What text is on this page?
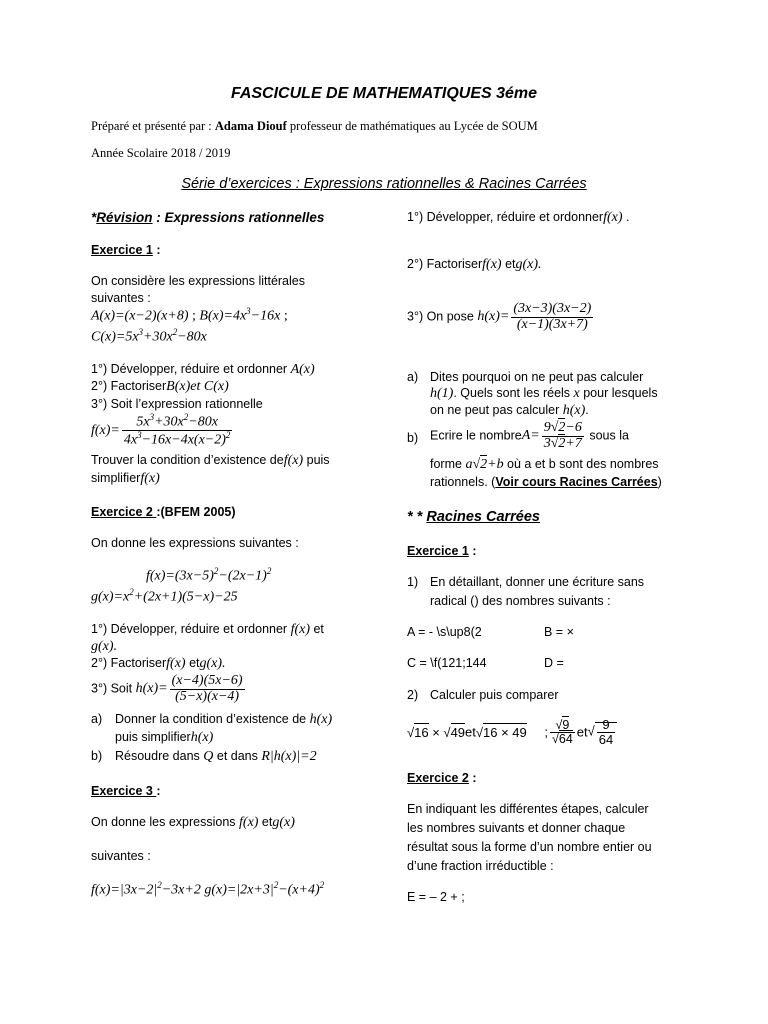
FASCICULE DE MATHEMATIQUES 3éme
Préparé et présenté par : Adama Diouf professeur de mathématiques au Lycée de SOUM
Année Scolaire 2018 / 2019
Série d’exercices : Expressions rationnelles & Racines Carrées
*Révision : Expressions rationnelles
Exercice 1 :
On considère les expressions littérales
suivantes :
A(x)=(x−2)(x+8) ; $B(x)=4x^3-16x$ ;
$C(x)=5x^3+30x^2-80x$
1°) Développer, réduire et ordonner A(x)
2°) FactoriserB(x)et C(x)
3°) Soit l’expression rationnelle
$f(x)= \frac{5x^3+30x^2-80x}{4x^3-16x-4x(x-2)^2}$
Trouver la condition d’existence def(x) puis
simplifierf(x)
Exercice 2 :(BFEM 2005)
On donne les expressions suivantes :
$f(x)=(3x-5)^2-(2x-1)^2$
$g(x)=x^2+(2x+1)(5-x)-25$
1°) Développer, réduire et ordonner f(x) et
g(x).
2°) Factoriserf(x) etg(x).
3°) Soit $h(x)= \frac{(x-4)(5x-6)}{(5-x)(x-4)}$
a) Donner la condition d’existence de h(x)
puis simplifierh(x)
b) Résoudre dans Q et dans R|h(x)|=2
Exercice 3 :
On donne les expressions f(x) etg(x)
suivantes :
$f(x)=|3x-2|^2-3x+2$ $g(x)=|2x+3|^2-(x+4)^2$
1°) Développer, réduire et ordonnerf(x) .
2°) Factoriserf(x) etg(x).
3°) On pose $h(x)= \frac{(3x-3)(3x-2)}{(x-1)(3x+7)}$
a) Dites pourquoi on ne peut pas calculer
h(1). Quels sont les réels x pour lesquels
on ne peut pas calculer h(x).
b) Ecrire le nombreA= $\frac{9√2-6}{3√2+7}$ sous la
forme a√2+b où a et b sont des nombres
rationnels. (Voir cours Racines Carrées)
* * Racines Carrées
Exercice 1 :
1) En détaillant, donner une écriture sans
radical () des nombres suivants :
A = - \s\up8(2	B = ×
C = \f(121;144	D =
2) Calculer puis comparer
√16 × √49et√16 × 49 ; $\frac{√9}{√64} et√ \frac{9}{64}$
Exercice 2 :
En indiquant les différentes étapes, calculer
les nombres suivants et donner chaque
résultat sous la forme d’un nombre entier ou
d’une fraction irréductible :
E = – 2 + ;
